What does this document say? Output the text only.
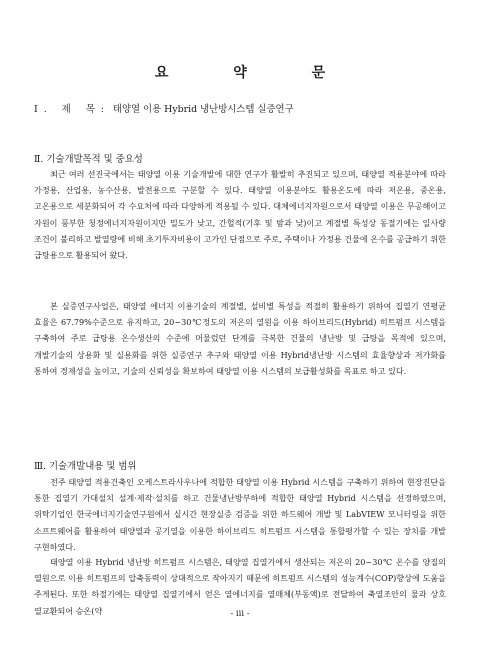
요 약 문
Ⅰ. 제 목: 태양열 이용 Hybrid 냉난방시스템 실증연구
Ⅱ. 기술개발목적 및 중요성
최근 여러 선진국에서는 태양열 이용 기술개발에 대한 연구가 활발히 추진되고 있으며, 태양열 적용분야에 따라 가정용, 산업용, 농수산용, 발전용으로 구분할 수 있다. 태양열 이용분야도 활용온도에 따라 저온용, 중온용, 고온용으로 세분화되어 각 수요처에 따라 다양하게 적용될 수 있다. 대체에너지자원으로서 태양열 이용은 무공해이고 자원이 풍부한 청정에너지자원이지만 밀도가 낮고, 간헐적(기후 및 밤과 낮)이고 계절별 특성상 동절기에는 일사량 조건이 불리하고 발열량에 비해 초기투자비용이 고가인 단점으로 주로, 주택이나 가정용 건물에 온수를 공급하기 위한 급탕용으로 활용되어 왔다.
본 실증연구사업은, 태양열 에너지 이용기술의 계절별, 설비별 특성을 적절히 활용하기 위하여 집열기 연평균 효율은 67.79%수준으로 유지하고, 20~30℃정도의 저온의 열원을 이용 하이브리드(Hybrid) 히트펌프 시스템을 구축하여 주로 급탕용 온수생산의 수준에 머물렀던 단계를 극복한 건물의 냉난방 및 급탕을 목적에 있으며, 개발기술의 상용화 및 실용화를 위한 실증연구 추구와 태양열 이용 Hybrid냉난방 시스템의 효율향상과 저가화를 통하여 경제성을 높이고, 기술의 신뢰성을 확보하여 태양열 이용 시스템의 보급활성화를 목표로 하고 있다.
Ⅲ. 기술개발내용 및 범위
전주 태양열 적용건축인 오케스트라사우나에 적합한 태양열 이용 Hybrid 시스템을 구축하기 위하여 현장진단을 통한 집열기 가대설치 설계·제작·설치를 하고 건물냉난방부하에 적합한 태양열 Hybrid 시스템을 선정하였으며, 위탁기업인 한국에너지기술연구원에서 실시간 현장실증 검증을 위한 하드웨어 개발 및 LabVIEW 모니터링을 위한 소프트웨어를 활용하여 태양열과 공기열을 이용한 하이브리드 히트펌프 시스템을 통합평가할 수 있는 장치를 개발 구현하였다.
태양열 이용 Hybrid 냉난방 히트펌프 시스템은, 태양열 집열기에서 생산되는 저온의 20~30℃ 온수를 양질의 열원으로 이용 히트펌프의 압축동력이 상대적으로 작아지기 때문에 히트펌프 시스템의 성능계수(COP)향상에 도움을 주게된다. 또한 하절기에는 태양열 집열기에서 얻은 열에너지를 열매체(부동액)로 전달하여 축열조안의 물과 상호 열교환되어 승온(약	- iii -
